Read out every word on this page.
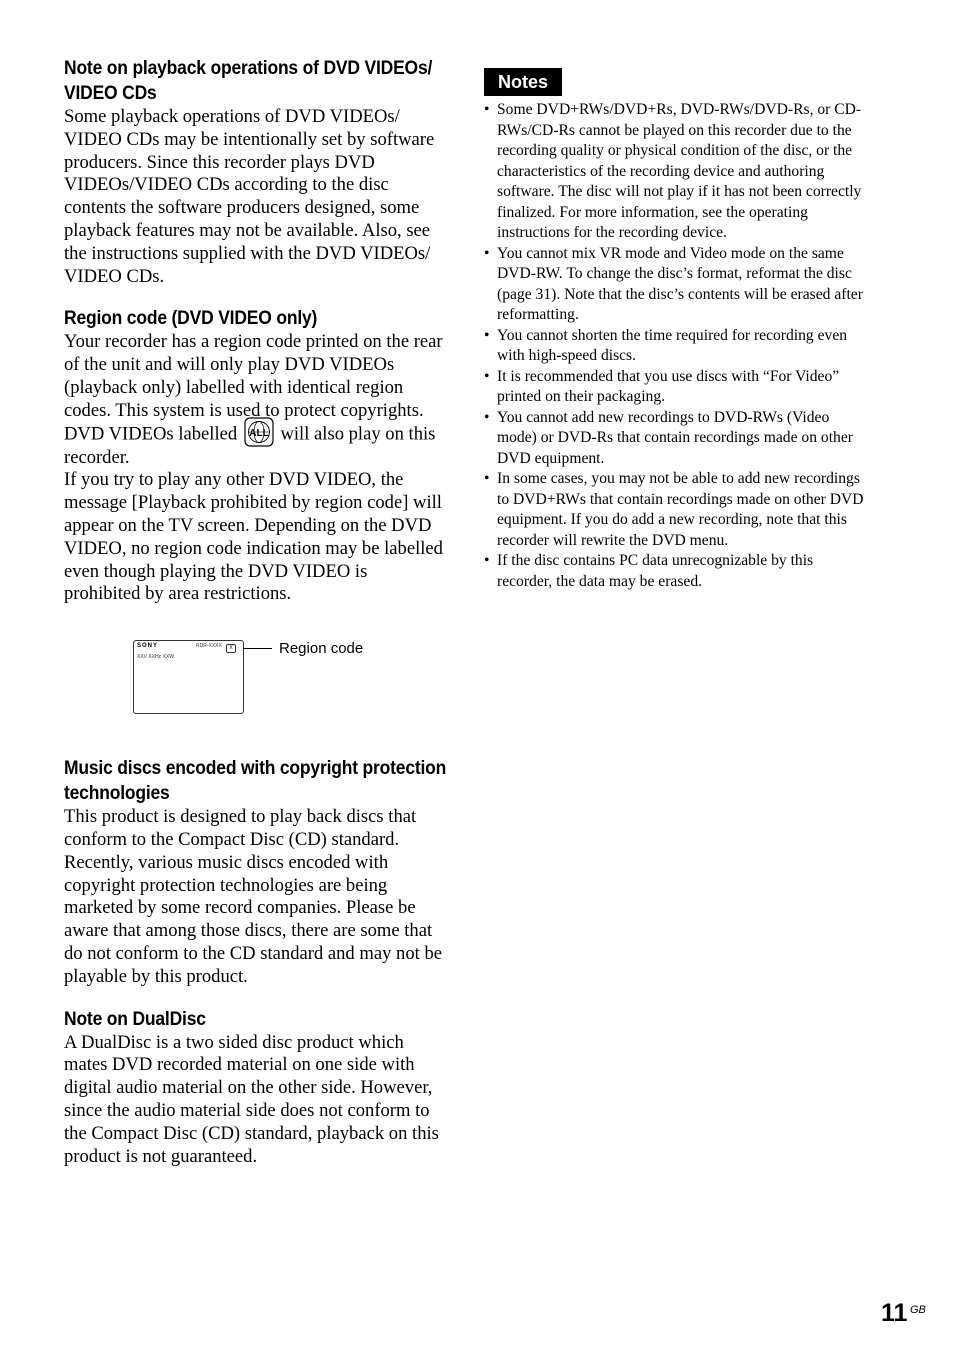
Note on playback operations of DVD VIDEOs/ VIDEO CDs

Some playback operations of DVD VIDEOs/ VIDEO CDs may be intentionally set by software producers. Since this recorder plays DVD VIDEOs/VIDEO CDs according to the disc contents the software producers designed, some playback features may not be available. Also, see the instructions supplied with the DVD VIDEOs/ VIDEO CDs.

Region code (DVD VIDEO only)

Your recorder has a region code printed on the rear of the unit and will only play DVD VIDEOs (playback only) labelled with identical region codes. This system is used to protect copyrights. DVD VIDEOs labelled ALL will also play on this recorder.

If you try to play any other DVD VIDEO, the message [Playback prohibited by region code] will appear on the TV screen. Depending on the DVD VIDEO, no region code indication may be labelled even though playing the DVD VIDEO is prohibited by area restrictions.

SONY	RDR-XXXX
XXV XXHz XXW
X	Region code
Music discs encoded with copyright protection technologies

This product is designed to play back discs that conform to the Compact Disc (CD) standard. Recently, various music discs encoded with copyright protection technologies are being marketed by some record companies. Please be aware that among those discs, there are some that do not conform to the CD standard and may not be playable by this product.

Note on DualDisc

A DualDisc is a two sided disc product which mates DVD recorded material on one side with digital audio material on the other side. However, since the audio material side does not conform to the Compact Disc (CD) standard, playback on this product is not guaranteed.

Notes
• Some DVD+RWs/DVD+Rs, DVD-RWs/DVD-Rs, or CD-RWs/CD-Rs cannot be played on this recorder due to the recording quality or physical condition of the disc, or the characteristics of the recording device and authoring software. The disc will not play if it has not been correctly finalized. For more information, see the operating instructions for the recording device.
• You cannot mix VR mode and Video mode on the same DVD-RW. To change the disc’s format, reformat the disc (page 31). Note that the disc’s contents will be erased after reformatting.
• You cannot shorten the time required for recording even with high-speed discs.
• It is recommended that you use discs with “For Video” printed on their packaging.
• You cannot add new recordings to DVD-RWs (Video mode) or DVD-Rs that contain recordings made on other DVD equipment.
• In some cases, you may not be able to add new recordings to DVD+RWs that contain recordings made on other DVD equipment. If you do add a new recording, note that this recorder will rewrite the DVD menu.
• If the disc contains PC data unrecognizable by this recorder, the data may be erased.
11 GB
